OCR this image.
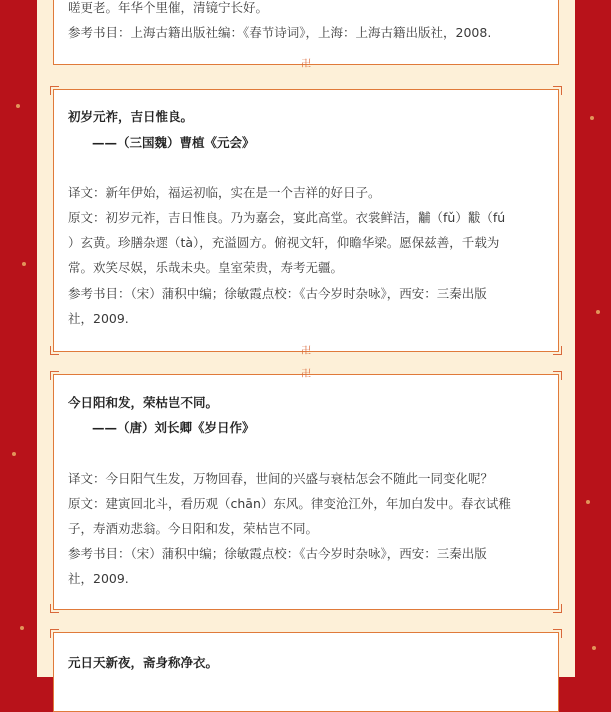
卍
嗟更老。年华个里催，清镜宁长好。
参考书目：上海古籍出版社编：《春节诗词》，上海：上海古籍出版社，2008.
卍
初岁元祚，吉日惟良。
——（三国魏）曹植《元会》
译文：新年伊始，福运初临，实在是一个吉祥的好日子。
原文：初岁元祚，吉日惟良。乃为嘉会，宴此高堂。衣裳鲜洁，黼（fǔ）黻（fú
）玄黄。珍膳杂遝（tà），充溢圆方。俯视文轩，仰瞻华梁。愿保兹善，千载为
常。欢笑尽娱，乐哉未央。皇室荣贵，寿考无疆。
参考书目：（宋）蒲积中编；徐敏霞点校：《古今岁时杂咏》，西安：三秦出版
社，2009.
卍
今日阳和发，荣枯岂不同。
——（唐）刘长卿《岁日作》
译文：今日阳气生发，万物回春，世间的兴盛与衰枯怎会不随此一同变化呢？
原文：建寅回北斗，看历观（chān）东风。律变沧江外，年加白发中。春衣试稚
子，寿酒劝悲翁。今日阳和发，荣枯岂不同。
参考书目：（宋）蒲积中编；徐敏霞点校：《古今岁时杂咏》，西安：三秦出版
社，2009.
元日天新夜，斋身称净衣。
